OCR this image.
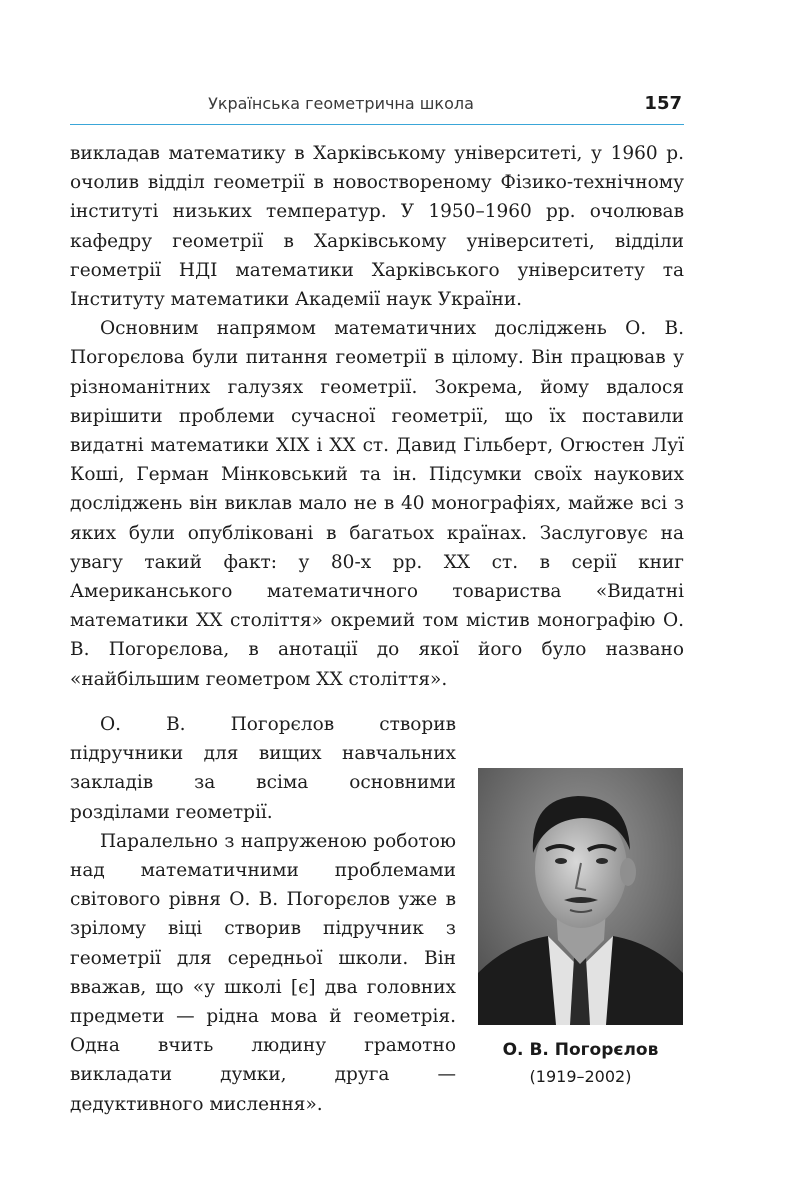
Українська геометрична школа	157

викладав математику в Харківському університеті, у 1960 р. очолив відділ геометрії в новоствореному Фізико-технічному інституті низьких температур. У 1950–1960 рр. очолював кафедру геометрії в Харківському університеті, відділи геометрії НДІ математики Харківського університету та Інституту математики Академії наук України.

Основним напрямом математичних досліджень О. В. Погорєлова були питання геометрії в цілому. Він працював у різноманітних галузях геометрії. Зокрема, йому вдалося вирішити проблеми сучасної геометрії, що їх поставили видатні математики XIX і XX ст. Давид Гільберт, Огюстен Луї Коші, Герман Мінковський та ін. Підсумки своїх наукових досліджень він виклав мало не в 40 монографіях, майже всі з яких були опубліковані в багатьох країнах. Заслуговує на увагу такий факт: у 80-х рр. XX ст. в серії книг Американського математичного товариства «Видатні математики XX століття» окремий том містив монографію О. В. Погорєлова, в анотації до якої його було названо «найбільшим геометром XX століття».

О. В. Погорєлов створив підручники для вищих навчальних закладів за всіма основними розділами геометрії.

Паралельно з напруженою роботою над математичними проблемами світового рівня О. В. Погорєлов уже в зрілому віці створив підручник з геометрії для середньої школи. Він вважав, що «у школі [є] два головних предмети — рідна мова й геометрія. Одна вчить людину грамотно викладати думки, друга — дедуктивного мислення».

О. В. Погорєлов
(1919–2002)
